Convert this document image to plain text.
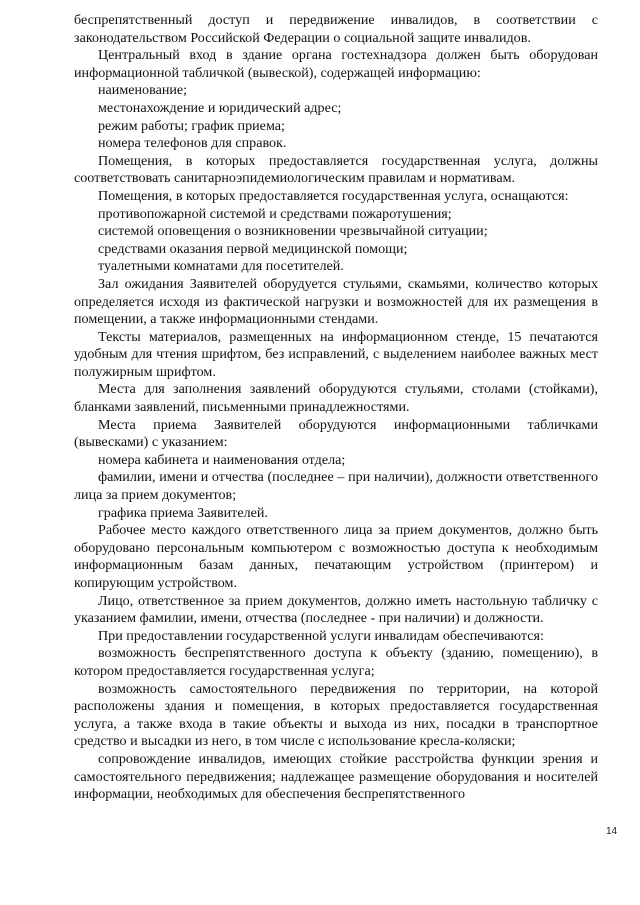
беспрепятственный доступ и передвижение инвалидов, в соответствии с законодательством Российской Федерации о социальной защите инвалидов.

Центральный вход в здание органа гостехнадзора должен быть оборудован информационной табличкой (вывеской), содержащей информацию:

наименование;

местонахождение и юридический адрес;

режим работы; график приема;

номера телефонов для справок.

Помещения, в которых предоставляется государственная услуга, должны соответствовать санитарноэпидемиологическим правилам и нормативам.

Помещения, в которых предоставляется государственная услуга, оснащаются:

противопожарной системой и средствами пожаротушения;

системой оповещения о возникновении чрезвычайной ситуации;

средствами оказания первой медицинской помощи;

туалетными комнатами для посетителей.

Зал ожидания Заявителей оборудуется стульями, скамьями, количество которых определяется исходя из фактической нагрузки и возможностей для их размещения в помещении, а также информационными стендами.

Тексты материалов, размещенных на информационном стенде, 15 печатаются удобным для чтения шрифтом, без исправлений, с выделением наиболее важных мест полужирным шрифтом.

Места для заполнения заявлений оборудуются стульями, столами (стойками), бланками заявлений, письменными принадлежностями.

Места приема Заявителей оборудуются информационными табличками (вывесками) с указанием:

номера кабинета и наименования отдела;

фамилии, имени и отчества (последнее – при наличии), должности ответственного лица за прием документов;

графика приема Заявителей.

Рабочее место каждого ответственного лица за прием документов, должно быть оборудовано персональным компьютером с возможностью доступа к необходимым информационным базам данных, печатающим устройством (принтером) и копирующим устройством.

Лицо, ответственное за прием документов, должно иметь настольную табличку с указанием фамилии, имени, отчества (последнее - при наличии) и должности.

При предоставлении государственной услуги инвалидам обеспечиваются:

возможность беспрепятственного доступа к объекту (зданию, помещению), в котором предоставляется государственная услуга;

возможность самостоятельного передвижения по территории, на которой расположены здания и помещения, в которых предоставляется государственная услуга, а также входа в такие объекты и выхода из них, посадки в транспортное средство и высадки из него, в том числе с использование кресла-коляски;

сопровождение инвалидов, имеющих стойкие расстройства функции зрения и самостоятельного передвижения; надлежащее размещение оборудования и носителей информации, необходимых для обеспечения беспрепятственного

14
